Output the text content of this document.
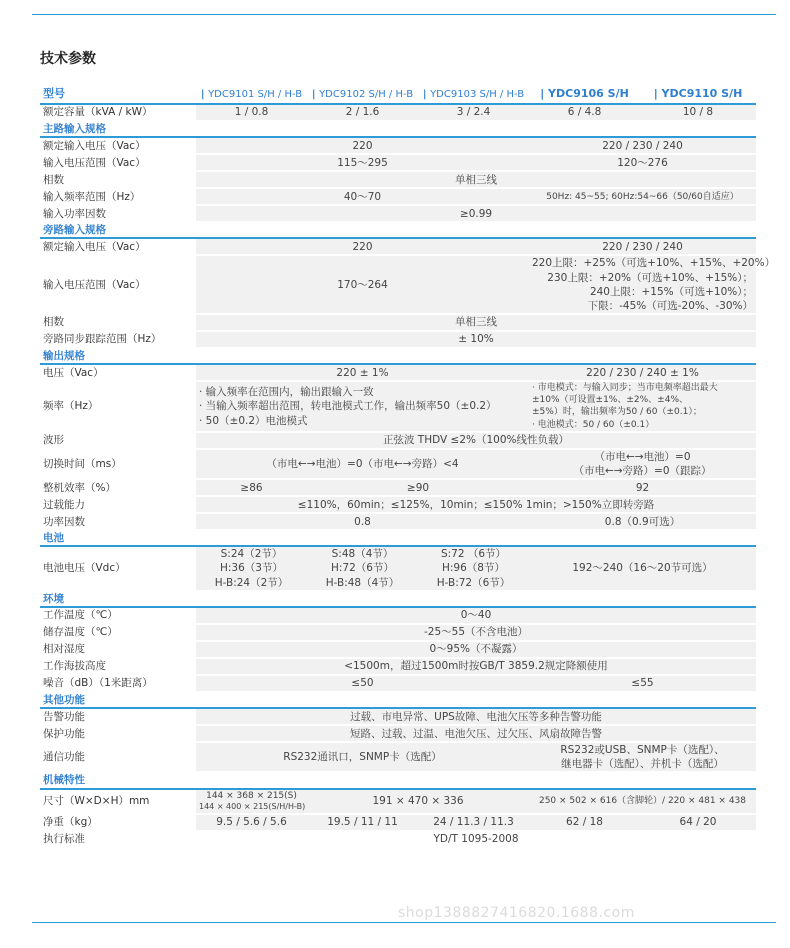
技术参数
型号	| YDC9101 S/H / H-B	| YDC9102 S/H / H-B	| YDC9103 S/H / H-B	| YDC9106 S/H	| YDC9110 S/H
额定容量（kVA / kW）	1 / 0.8	2 / 1.6	3 / 2.4	6 / 4.8	10 / 8
主路输入规格					
额定输入电压（Vac）	220			220 / 230 / 240	
输入电压范围（Vac）	115～295			120～276	
相数	单相三线				
输入频率范围（Hz）	40～70			50Hz: 45~55; 60Hz:54~66（50/60自适应）	
输入功率因数	≥0.99				
旁路输入规格					
额定输入电压（Vac）	220			220 / 230 / 240	
输入电压范围（Vac）	170～264			220上限：+25%（可选+10%、+15%、+20%）
230上限：+20%（可选+10%、+15%）；
240上限：+15%（可选+10%）；
下限：-45%（可选-20%、-30%）	

相数	单相三线				
旁路同步跟踪范围（Hz）	± 10%				
输出规格					
电压（Vac）	220 ± 1%			220 / 230 / 240 ± 1%	
频率（Hz）	· 输入频率在范围内，输出跟输入一致
· 当输入频率超出范围，转电池模式工作，输出频率50（±0.2）
· 50（±0.2）电池模式			· 市电模式：与输入同步；当市电频率超出最大
±10%（可设置±1%、±2%、±4%、
±5%）时，输出频率为50 / 60（±0.1）；
· 电池模式：50 / 60（±0.1）	

波形	正弦波 THDV ≤2%（100%线性负载）				
切换时间（ms）	（市电←→电池）=0（市电←→旁路）<4			（市电←→电池）=0
（市电←→旁路）=0（跟踪）	

整机效率（%）	≥86	≥90		92	
过载能力	≤110%，60min；≤125%，10min；≤150% 1min；>150%立即转旁路				
功率因数	0.8			0.8（0.9可选）	
电池					
电池电压（Vdc）	S:24（2节）
H:36（3节）
H-B:24（2节）	S:48（4节）
H:72（6节）
H-B:48（4节）	S:72 （6节）
H:96（8节）
H-B:72（6节）	192～240（16～20节可选）	
环境					
工作温度（℃）	0～40				
储存温度（℃）	-25～55（不含电池）				
相对湿度	0～95%（不凝露）				
工作海拔高度	<1500m，超过1500m时按GB/T 3859.2规定降额使用				
噪音（dB）（1米距离）	≤50			≤55	
其他功能					
告警功能	过载、市电异常、UPS故障、电池欠压等多种告警功能				
保护功能	短路、过载、过温、电池欠压、过欠压、风扇故障告警				
通信功能	RS232通讯口，SNMP卡（选配）			RS232或USB、SNMP卡（选配）、
继电器卡（选配）、并机卡（选配）	

机械特性					
尺寸（W×D×H）mm	144 × 368 × 215(S)
144 × 400 × 215(S/H/H-B)	191 × 470 × 336		250 × 502 × 616（含脚轮）/ 220 × 481 × 438	
净重（kg）	9.5 / 5.6 / 5.6	19.5 / 11 / 11	24 / 11.3 / 11.3	62 / 18	64 / 20
执行标准	YD/T 1095-2008				
shop1388827416820.1688.com
